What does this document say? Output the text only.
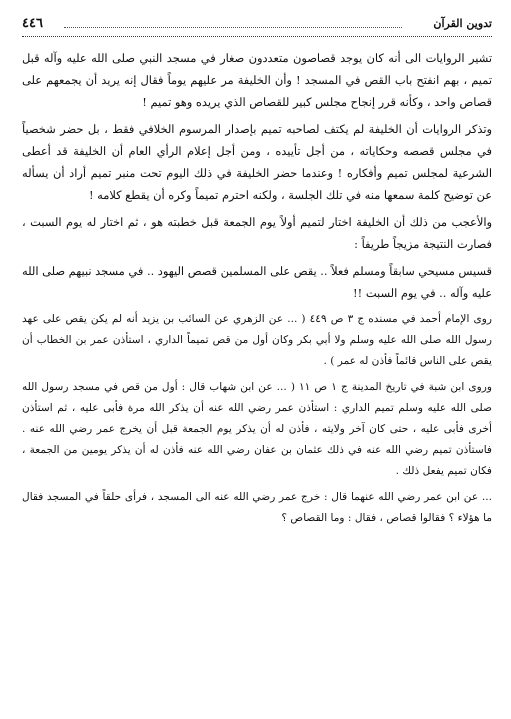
٤٤٦	تدوين القرآن

تشير الروايات الى أنه كان يوجد قصاصون متعددون صغار في مسجد النبي صلى الله عليه وآله قبل تميم ، بهم انفتح باب القص في المسجد ! وأن الخليفة مر عليهم يوماً فقال إنه يريد أن يجمعهم على قصاص واحد ، وكأنه قرر إنجاح مجلس كبير للقصاص الذي يريده وهو تميم !

وتذكر الروايات أن الخليفة لم يكتف لصاحبه تميم بإصدار المرسوم الخلافي فقط ، بل حضر شخصياً في مجلس قصصه وحكاياته ، من أجل تأييده ، ومن أجل إعلام الرأي العام أن الخليفة قد أعطى الشرعية لمجلس تميم وأفكاره ! وعندما حضر الخليفة في ذلك اليوم تحت منبر تميم أراد أن يسأله عن توضيح كلمة سمعها منه في تلك الجلسة ، ولكنه احترم تميماً وكره أن يقطع كلامه !

والأعجب من ذلك أن الخليفة اختار لتميم أولاً يوم الجمعة قبل خطبته هو ، ثم اختار له يوم السبت ، فصارت النتيجة مزيجاً طريفاً :

قسيس مسيحي سابقاً ومسلم فعلاً .. يقص على المسلمين قصص اليهود .. في مسجد نبيهم صلى الله عليه وآله .. في يوم السبت !!

روى الإمام أحمد في مسنده ج ٣ ص ٤٤٩ ( ... عن الزهري عن السائب بن يزيد أنه لم يكن يقص على عهد رسول الله صلى الله عليه وسلم ولا أبي بكر وكان أول من قص تميماً الداري ، استأذن عمر بن الخطاب أن يقص على الناس قائماً فأذن له عمر ) .

وروى ابن شبة في تاريخ المدينة ج ١ ص ١١ ( ... عن ابن شهاب قال : أول من قص في مسجد رسول الله صلى الله عليه وسلم تميم الداري : استأذن عمر رضي الله عنه أن يذكر الله مرة فأبى عليه ، ثم استأذن أخرى فأبى عليه ، حتى كان آخر ولايته ، فأذن له أن يذكر يوم الجمعة قبل أن يخرج عمر رضي الله عنه . فاستأذن تميم رضي الله عنه في ذلك عثمان بن عفان رضي الله عنه فأذن له أن يذكر يومين من الجمعة ، فكان تميم يفعل ذلك .

... عن ابن عمر رضي الله عنهما قال : خرج عمر رضي الله عنه الى المسجد ، فرأى حلقاً في المسجد فقال ما هؤلاء ؟ فقالوا قصاص ، فقال : وما القصاص ؟
